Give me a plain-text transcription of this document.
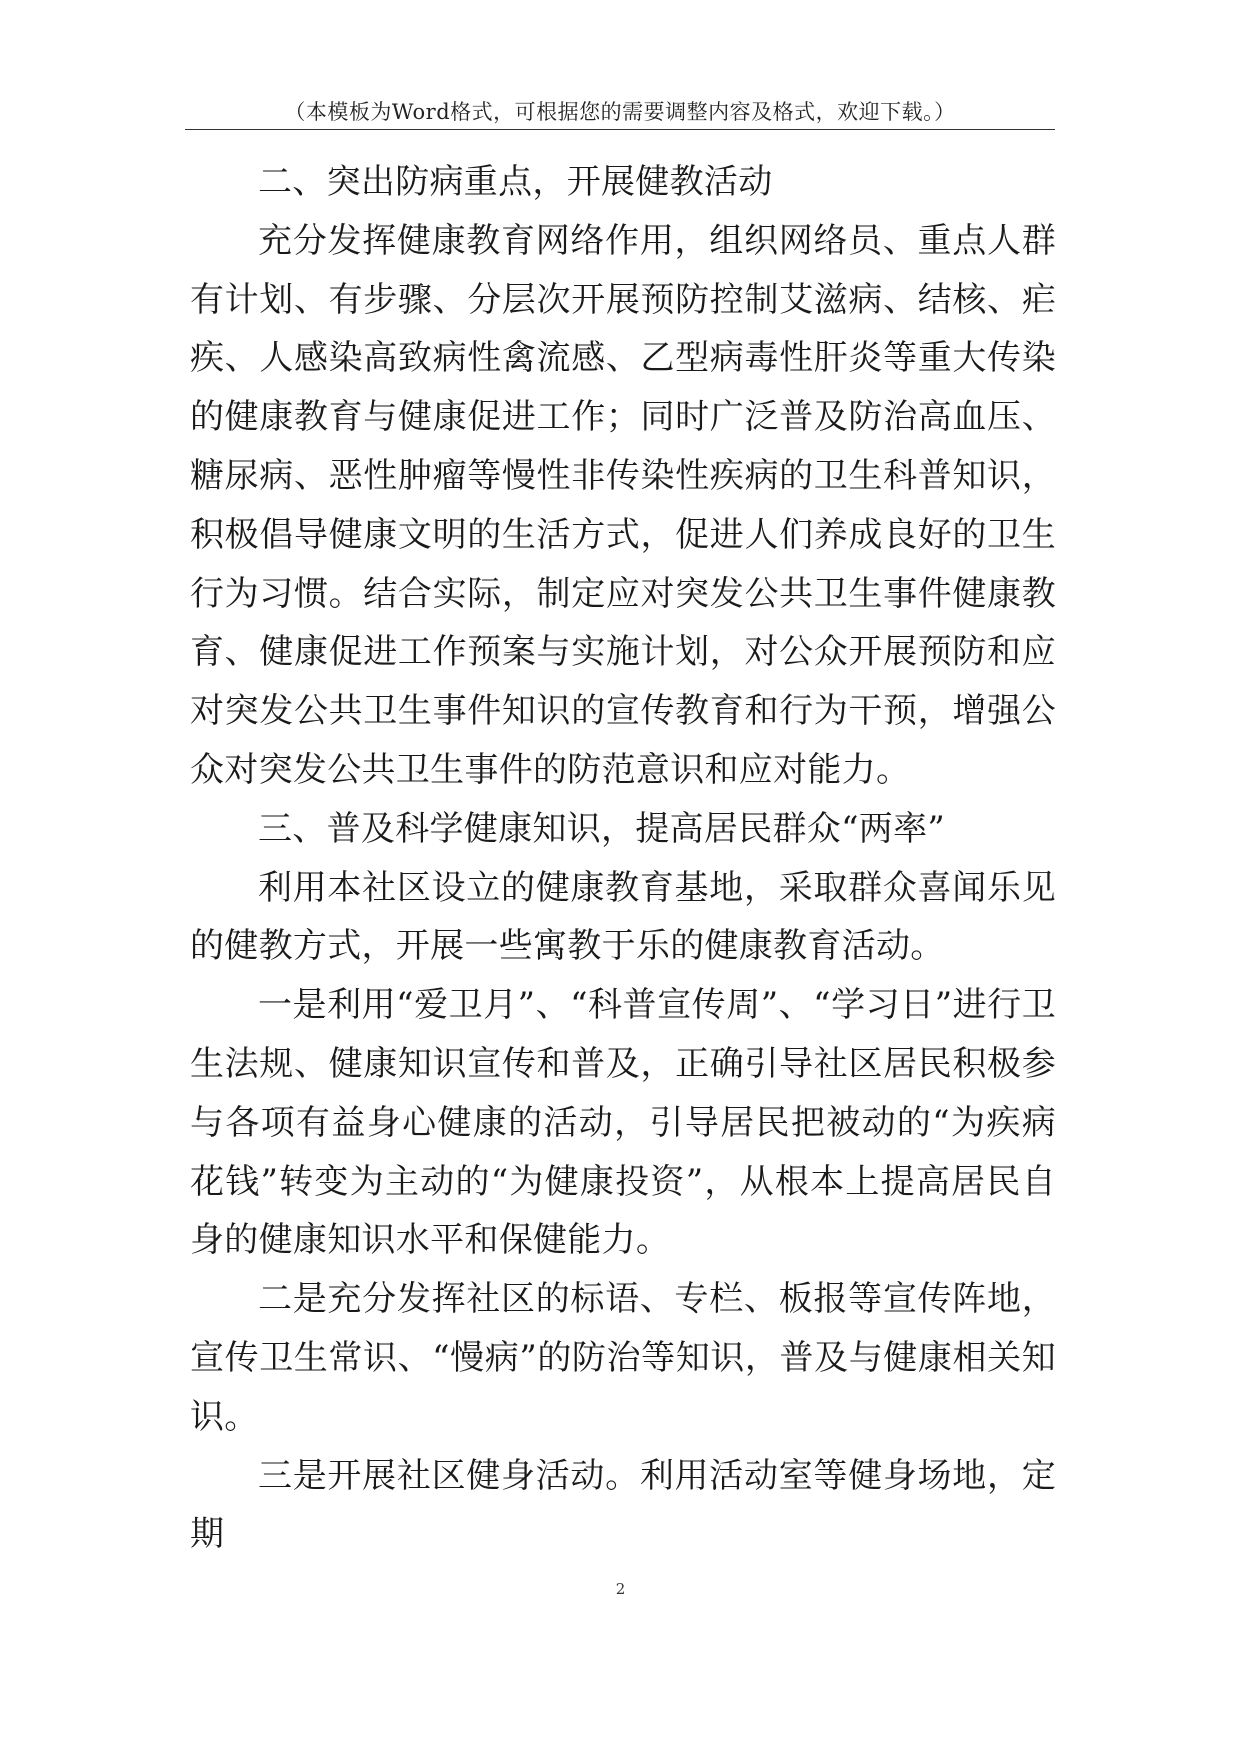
（本模板为Word格式，可根据您的需要调整内容及格式，欢迎下载。）

二、突出防病重点，开展健教活动

充分发挥健康教育网络作用，组织网络员、重点人群有计划、有步骤、分层次开展预防控制艾滋病、结核、疟疾、人感染高致病性禽流感、乙型病毒性肝炎等重大传染的健康教育与健康促进工作；同时广泛普及防治高血压、糖尿病、恶性肿瘤等慢性非传染性疾病的卫生科普知识，积极倡导健康文明的生活方式，促进人们养成良好的卫生行为习惯。结合实际，制定应对突发公共卫生事件健康教育、健康促进工作预案与实施计划，对公众开展预防和应对突发公共卫生事件知识的宣传教育和行为干预，增强公众对突发公共卫生事件的防范意识和应对能力。

三、普及科学健康知识，提高居民群众“两率”

利用本社区设立的健康教育基地，采取群众喜闻乐见的健教方式，开展一些寓教于乐的健康教育活动。

一是利用“爱卫月”、“科普宣传周”、“学习日”进行卫生法规、健康知识宣传和普及，正确引导社区居民积极参与各项有益身心健康的活动，引导居民把被动的“为疾病花钱”转变为主动的“为健康投资”，从根本上提高居民自身的健康知识水平和保健能力。

二是充分发挥社区的标语、专栏、板报等宣传阵地，宣传卫生常识、“慢病”的防治等知识，普及与健康相关知识。

三是开展社区健身活动。利用活动室等健身场地，定期

2
